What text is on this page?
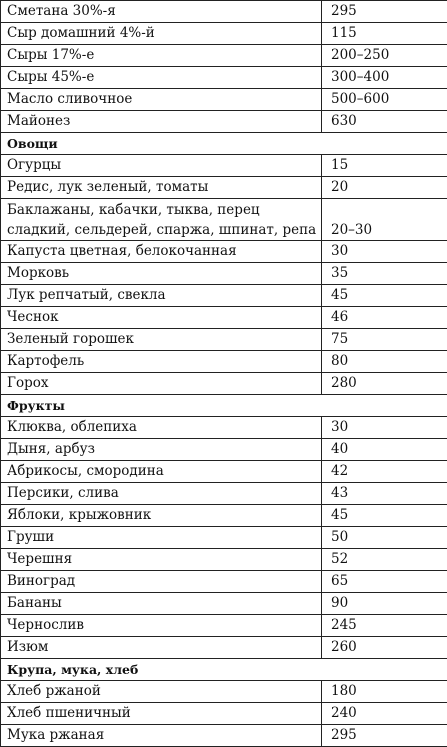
Сметана 30%-я	295
Сыр домашний 4%-й	115
Сыры 17%-е	200–250
Сыры 45%-е	300–400
Масло сливочное	500–600
Майонез	630
Овощи	
Огурцы	15
Редис, лук зеленый, томаты	20

Баклажаны, кабачки, тыква, перец
сладкий, сельдерей, спаржа, шпинат, репа	20–30
Капуста цветная, белокочанная	30
Морковь	35
Лук репчатый, свекла	45
Чеснок	46
Зеленый горошек	75
Картофель	80
Горох	280
Фрукты	
Клюква, облепиха	30
Дыня, арбуз	40
Абрикосы, смородина	42
Персики, слива	43
Яблоки, крыжовник	45
Груши	50
Черешня	52
Виноград	65
Бананы	90
Чернослив	245
Изюм	260
Крупа, мука, хлеб	
Хлеб ржаной	180
Хлеб пшеничный	240
Мука ржаная	295
